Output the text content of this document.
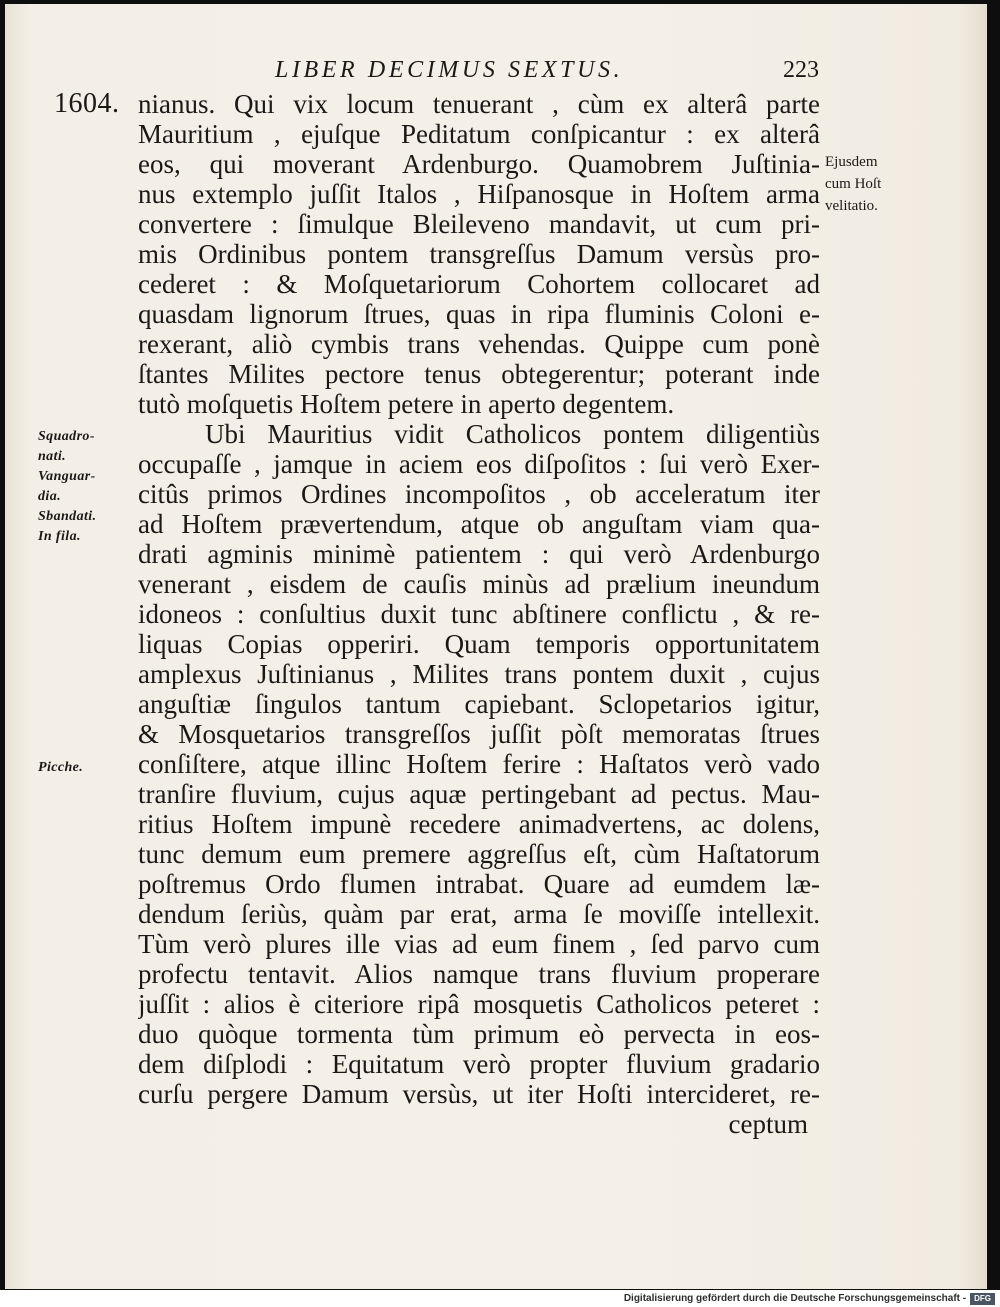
LIBER DECIMUS SEXTUS.	223
1604. nianus. Qui vix locum tenuerant , cùm ex alterâ parte
Mauritium , ejuſque Peditatum conſpicantur : ex alterâ
eos, qui moverant Ardenburgo. Quamobrem Juſtinia-
nus extemplo juſſit Italos , Hiſpanosque in Hoſtem arma
convertere : ſimulque Bleileveno mandavit, ut cum pri-
mis Ordinibus pontem transgreſſus Damum versùs pro-
cederet : & Moſquetariorum Cohortem collocaret ad
quasdam lignorum ſtrues, quas in ripa fluminis Coloni e-
rexerant, aliò cymbis trans vehendas. Quippe cum ponè
ſtantes Milites pectore tenus obtegerentur; poterant inde
tutò moſquetis Hoſtem petere in aperto degentem.
Ubi Mauritius vidit Catholicos pontem diligentiùs
occupaſſe , jamque in aciem eos diſpoſitos : ſui verò Exer-
citûs primos Ordines incompoſitos , ob acceleratum iter
ad Hoſtem prævertendum, atque ob anguſtam viam qua-
drati agminis minimè patientem : qui verò Ardenburgo
venerant , eisdem de cauſis minùs ad prælium ineundum
idoneos : conſultius duxit tunc abſtinere conflictu , & re-
liquas Copias opperiri. Quam temporis opportunitatem
amplexus Juſtinianus , Milites trans pontem duxit , cujus
anguſtiæ ſingulos tantum capiebant. Sclopetarios igitur,
& Mosquetarios transgreſſos juſſit pòſt memoratas ſtrues
conſiſtere, atque illinc Hoſtem ferire : Haſtatos verò vado
tranſire fluvium, cujus aquæ pertingebant ad pectus. Mau-
ritius Hoſtem impunè recedere animadvertens, ac dolens,
tunc demum eum premere aggreſſus eſt, cùm Haſtatorum
poſtremus Ordo flumen intrabat. Quare ad eumdem læ-
dendum ſeriùs, quàm par erat, arma ſe moviſſe intellexit.
Tùm verò plures ille vias ad eum finem , ſed parvo cum
profectu tentavit. Alios namque trans fluvium properare
juſſit : alios è citeriore ripâ mosquetis Catholicos peteret :
duo quòque tormenta tùm primum eò pervecta in eos-
dem diſplodi : Equitatum verò propter fluvium gradario
curſu pergere Damum versùs, ut iter Hoſti intercideret, re-
ceptum
Ejusdem
cum Hoſt
velitatio.
Squadro-
nati.
Vanguar-
dia.
Sbandati.
In fila.
Picche.
Digitalisierung gefördert durch die Deutsche Forschungsgemeinschaft -	DFG
